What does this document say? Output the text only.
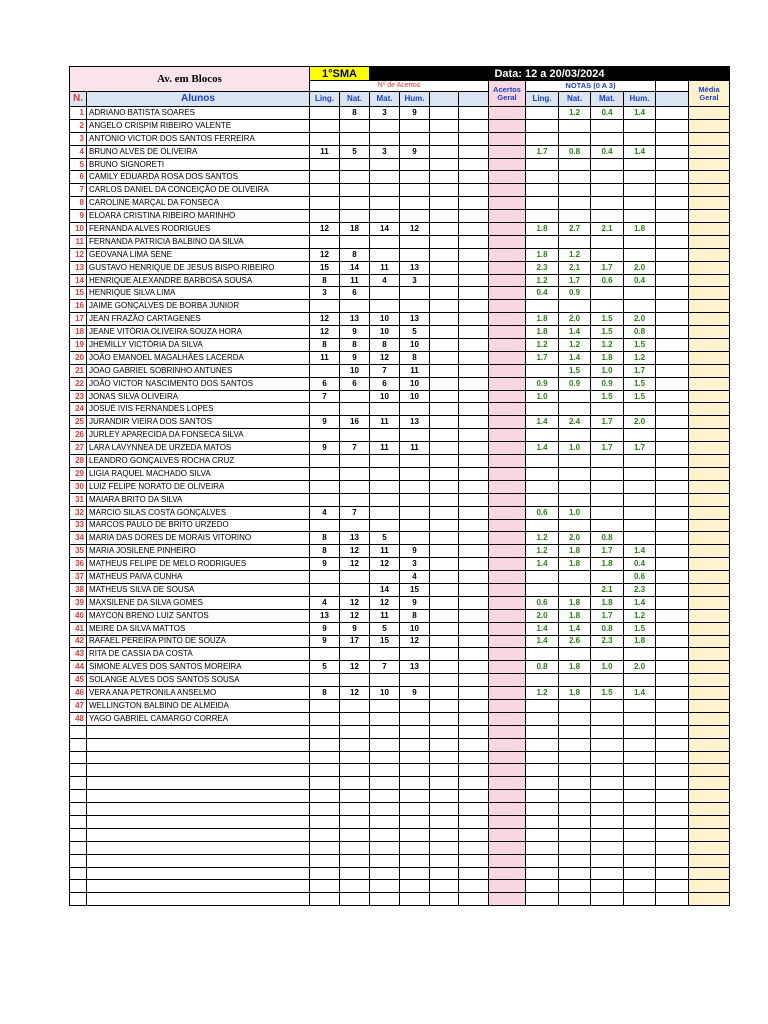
Av. em Blocos		1°SMA		Data: 12 a 20/03/2024										
		Nº de Acertos						Acertos Geral	NOTAS (0 A 3)					Média Geral
N.	Alunos	Ling.	Nat.	Mat.	Hum.				Ling.	Nat.	Mat.	Hum.		
1	ADRIANO BATISTA SOARES		8	3	9					1.2	0.4	1.4		
2	ANGELO CRISPIM RIBEIRO VALENTE													
3	ANTONIO VICTOR DOS SANTOS FERREIRA													
4	BRUNO ALVES DE OLIVEIRA	11	5	3	9				1.7	0.8	0.4	1.4		
5	BRUNO SIGNORETI													
6	CAMILY EDUARDA ROSA DOS SANTOS													
7	CARLOS DANIEL DA CONCEIÇÃO DE OLIVEIRA													
8	CAROLINE MARÇAL DA FONSECA													
9	ELOARA CRISTINA RIBEIRO MARINHO													
10	FERNANDA ALVES RODRIGUES	12	18	14	12				1.8	2.7	2.1	1.8		
11	FERNANDA PATRICIA BALBINO DA SILVA													
12	GEOVANA LIMA SENE	12	8						1.8	1.2				
13	GUSTAVO HENRIQUE DE JESUS BISPO RIBEIRO	15	14	11	13				2.3	2.1	1.7	2.0		
14	HENRIQUE ALEXANDRE BARBOSA SOUSA	8	11	4	3				1.2	1.7	0.6	0.4		
15	HENRIQUE SILVA LIMA	3	6						0.4	0.9				
16	JAIME GONÇALVES DE BORBA JUNIOR													
17	JEAN FRAZÃO CARTAGENES	12	13	10	13				1.8	2.0	1.5	2.0		
18	JEANE VITÓRIA OLIVEIRA SOUZA HORA	12	9	10	5				1.8	1.4	1.5	0.8		
19	JHEMILLY VICTÓRIA DA SILVA	8	8	8	10				1.2	1.2	1.2	1.5		
20	JOÃO EMANOEL MAGALHÃES LACERDA	11	9	12	8				1.7	1.4	1.8	1.2		
21	JOAO GABRIEL SOBRINHO ANTUNES		10	7	11					1.5	1.0	1.7		
22	JOÃO VICTOR NASCIMENTO DOS SANTOS	6	6	6	10				0.9	0.9	0.9	1.5		
23	JONAS SILVA OLIVEIRA	7		10	10				1.0		1.5	1.5		
24	JOSUÉ IVIS FERNANDES LOPES													
25	JURANDIR VIEIRA DOS SANTOS	9	16	11	13				1.4	2.4	1.7	2.0		
26	JURLEY APARECIDA DA FONSECA SILVA													
27	LARA LAVYNNEA DE URZEDA MATOS	9	7	11	11				1.4	1.0	1.7	1.7		
28	LEANDRO GONÇALVES ROCHA CRUZ													
29	LIGIA RAQUEL MACHADO SILVA													
30	LUIZ FELIPE NORATO DE OLIVEIRA													
31	MAIARA BRITO DA SILVA													
32	MARCIO SILAS COSTA GONÇALVES	4	7						0.6	1.0				
33	MARCOS PAULO DE BRITO URZEDO													
34	MARIA DAS DORES DE MORAIS VITORINO	8	13	5					1.2	2.0	0.8			
35	MARIA JOSILENE PINHEIRO	8	12	11	9				1.2	1.8	1.7	1.4		
36	MATHEUS FELIPE DE MELO RODRIGUES	9	12	12	3				1.4	1.8	1.8	0.4		
37	MATHEUS PAIVA CUNHA				4							0.6		
38	MATHEUS SILVA DE SOUSA			14	15						2.1	2.3		
39	MAXSILENE DA SILVA GOMES	4	12	12	9				0.6	1.8	1.8	1.4		
40	MAYCON BRENO LUIZ SANTOS	13	12	11	8				2.0	1.8	1.7	1.2		
41	MEIRE DA SILVA MATTOS	9	9	5	10				1.4	1.4	0.8	1.5		
42	RAFAEL PEREIRA PINTO DE SOUZA	9	17	15	12				1.4	2.6	2.3	1.8		
43	RITA DE CASSIA DA COSTA													
44	SIMONE ALVES DOS SANTOS MOREIRA	5	12	7	13				0.8	1.8	1.0	2.0		
45	SOLANGE ALVES DOS SANTOS SOUSA													
46	VERA ANA PETRONILA ANSELMO	8	12	10	9				1.2	1.8	1.5	1.4		
47	WELLINGTON BALBINO DE ALMEIDA													
48	YAGO GABRIEL CAMARGO CORREA													
